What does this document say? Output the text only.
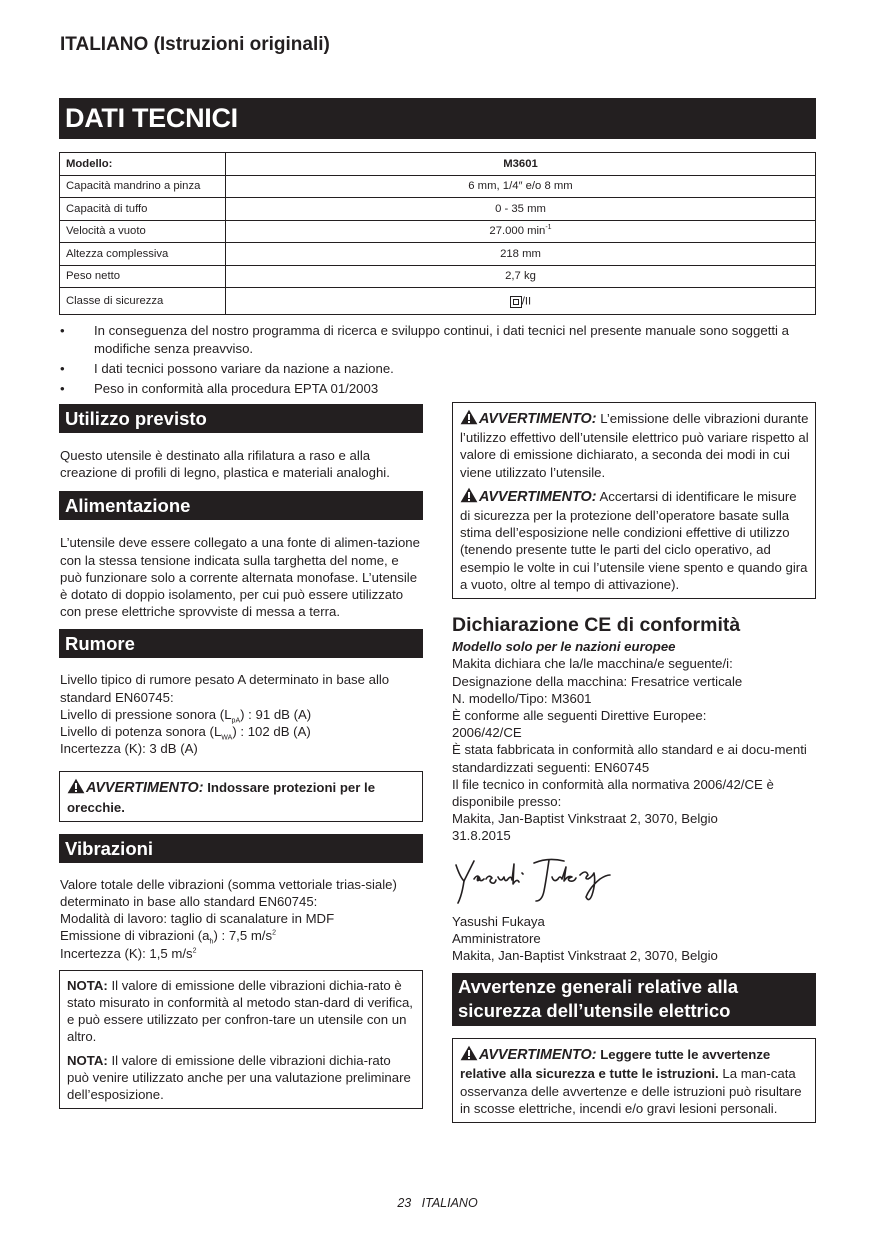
ITALIANO (Istruzioni originali)
DATI TECNICI
Modello:	M3601
Capacità mandrino a pinza	6 mm, 1/4″ e/o 8 mm
Capacità di tuffo	0 - 35 mm
Velocità a vuoto	27.000 $\min^{-1}$
Altezza complessiva	218 mm
Peso netto	2,7 kg
Classe di sicurezza	/II
• In conseguenza del nostro programma di ricerca e sviluppo continui, i dati tecnici nel presente manuale sono soggetti a modifiche senza preavviso.
• I dati tecnici possono variare da nazione a nazione.
• Peso in conformità alla procedura EPTA 01/2003
Utilizzo previsto
Questo utensile è destinato alla rifilatura a raso e alla creazione di profili di legno, plastica e materiali analoghi.
Alimentazione
L’utensile deve essere collegato a una fonte di alimen-tazione con la stessa tensione indicata sulla targhetta del nome, e può funzionare solo a corrente alternata monofase. L’utensile è dotato di doppio isolamento, per cui può essere utilizzato con prese elettriche sprovviste di messa a terra.
Rumore
Livello tipico di rumore pesato A determinato in base allo standard EN60745:
Livello di pressione sonora $(L_{pA})$ : 91 dB (A)
Livello di potenza sonora $(L_{WA})$ : 102 dB (A)
Incertezza (K): 3 dB (A)
AVVERTIMENTO: Indossare protezioni per le orecchie.
Vibrazioni
Valore totale delle vibrazioni (somma vettoriale trias-siale) determinato in base allo standard EN60745:
Modalità di lavoro: taglio di scanalature in MDF
Emissione di vibrazioni $(a_h)$ : 7,5 $m/s^2$
Incertezza (K): 1,5 $m/s^2$
NOTA: Il valore di emissione delle vibrazioni dichia-rato è stato misurato in conformità al metodo stan-dard di verifica, e può essere utilizzato per confron-tare un utensile con un altro.
NOTA: Il valore di emissione delle vibrazioni dichia-rato può venire utilizzato anche per una valutazione preliminare dell’esposizione.
AVVERTIMENTO: L’emissione delle vibrazioni durante l’utilizzo effettivo dell’utensile elettrico può variare rispetto al valore di emissione dichiarato, a seconda dei modi in cui viene utilizzato l’utensile.
AVVERTIMENTO: Accertarsi di identificare le misure di sicurezza per la protezione dell’operatore basate sulla stima dell’esposizione nelle condizioni effettive di utilizzo (tenendo presente tutte le parti del ciclo operativo, ad esempio le volte in cui l’utensile viene spento e quando gira a vuoto, oltre al tempo di attivazione).
Dichiarazione CE di conformità
Modello solo per le nazioni europee
Makita dichiara che la/le macchina/e seguente/i:
Designazione della macchina: Fresatrice verticale
N. modello/Tipo: M3601
È conforme alle seguenti Direttive Europee:
2006/42/CE
È stata fabbricata in conformità allo standard e ai docu-menti standardizzati seguenti: EN60745
Il file tecnico in conformità alla normativa 2006/42/CE è disponibile presso:
Makita, Jan-Baptist Vinkstraat 2, 3070, Belgio
31.8.2015
Yasushi Fukaya
Amministratore
Makita, Jan-Baptist Vinkstraat 2, 3070, Belgio
Avvertenze generali relative alla
sicurezza dell’utensile elettrico
AVVERTIMENTO: Leggere tutte le avvertenze relative alla sicurezza e tutte le istruzioni. La man-cata osservanza delle avvertenze e delle istruzioni può risultare in scosse elettriche, incendi e/o gravi lesioni personali.
23 ITALIANO
